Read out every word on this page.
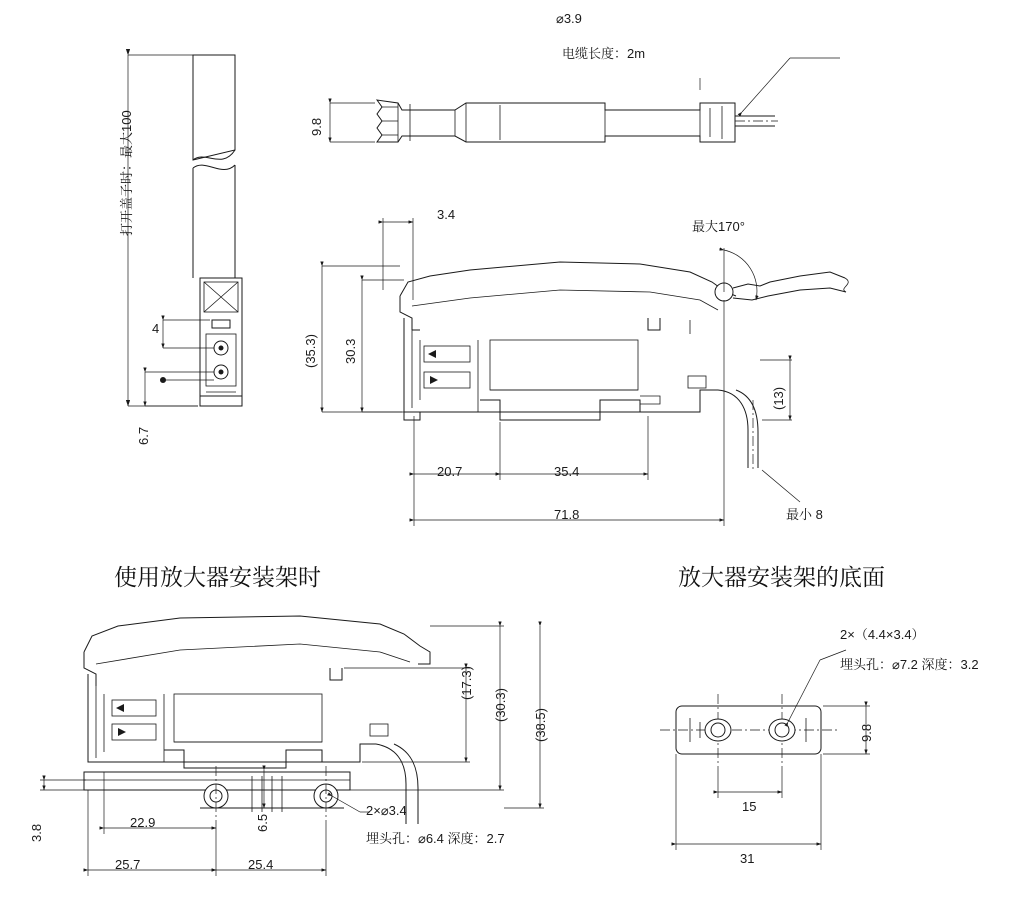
打开盖子时：最大100
4
6.7
⌀3.9
电缆长度：2m
9.8
3.4
最大170°
(35.3) 30.3
(13)
20.7	35.4
71.8	最小 8
使用放大器安装架时	放大器安装架的底面
(17.3)
(30.3)
(38.5)
3.8
22.9	6.5
25.7	25.4
2×⌀3.4
埋头孔：⌀6.4 深度：2.7
2×（4.4×3.4）
埋头孔：⌀7.2 深度：3.2
9.8
15
31
